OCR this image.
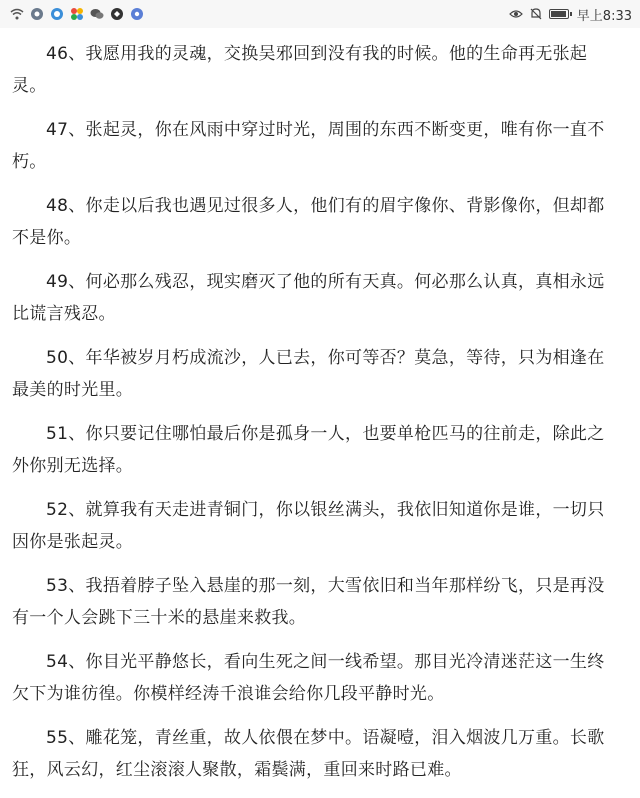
早上8:33

46、我愿用我的灵魂，交换吴邪回到没有我的时候。他的生命再无张起灵。

47、张起灵，你在风雨中穿过时光，周围的东西不断变更，唯有你一直不朽。

48、你走以后我也遇见过很多人，他们有的眉宇像你、背影像你，但却都不是你。

49、何必那么残忍，现实磨灭了他的所有天真。何必那么认真，真相永远比谎言残忍。

50、年华被岁月朽成流沙，人已去，你可等否？莫急，等待，只为相逢在最美的时光里。

51、你只要记住哪怕最后你是孤身一人，也要单枪匹马的往前走，除此之外你别无选择。

52、就算我有天走进青铜门，你以银丝满头，我依旧知道你是谁，一切只因你是张起灵。

53、我捂着脖子坠入悬崖的那一刻，大雪依旧和当年那样纷飞，只是再没有一个人会跳下三十米的悬崖来救我。

54、你目光平静悠长，看向生死之间一线希望。那目光冷清迷茫这一生终欠下为谁彷徨。你模样经涛千浪谁会给你几段平静时光。

55、雕花笼，青丝重，故人依偎在梦中。语凝噎，泪入烟波几万重。长歌狂，风云幻，红尘滚滚人聚散，霜鬓满，重回来时路已难。
